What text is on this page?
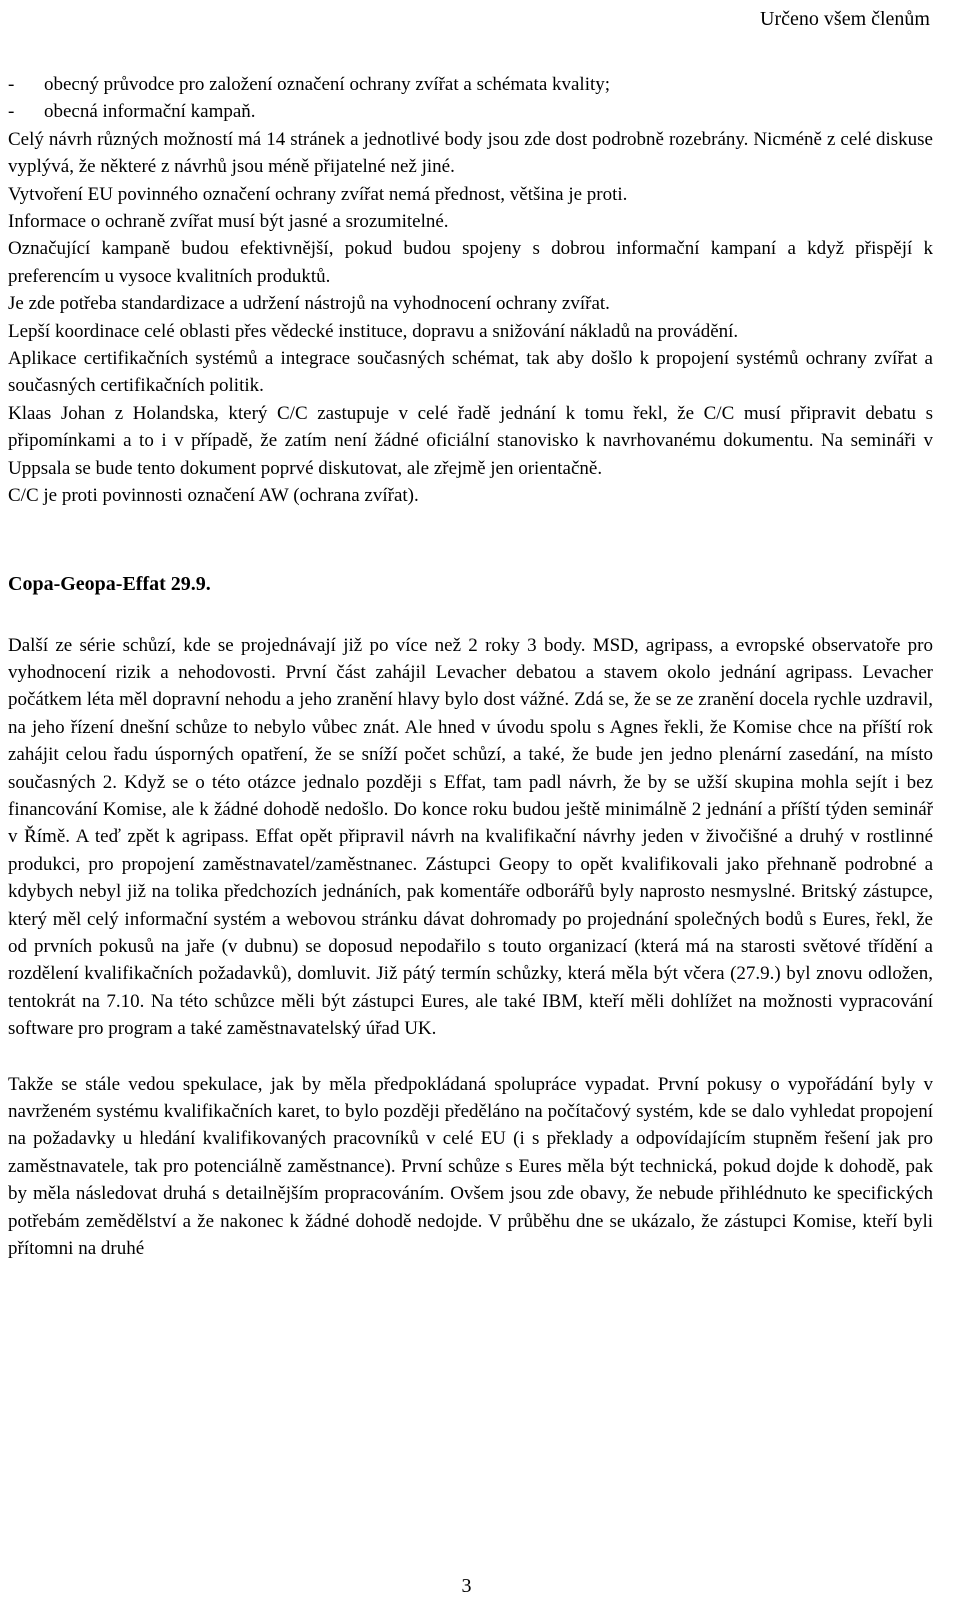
Určeno všem členům
-	obecný průvodce pro založení označení ochrany zvířat a schémata kvality;
-	obecná informační kampaň.

Celý návrh různých možností má 14 stránek a jednotlivé body jsou zde dost podrobně rozebrány. Nicméně z celé diskuse vyplývá, že některé z návrhů jsou méně přijatelné než jiné.

Vytvoření EU povinného označení ochrany zvířat nemá přednost, většina je proti.

Informace o ochraně zvířat musí být jasné a srozumitelné.

Označující kampaně budou efektivnější, pokud budou spojeny s dobrou informační kampaní a když přispějí k preferencím u vysoce kvalitních produktů.

Je zde potřeba standardizace a udržení nástrojů na vyhodnocení ochrany zvířat.

Lepší koordinace celé oblasti přes vědecké instituce, dopravu a snižování nákladů na provádění.

Aplikace certifikačních systémů a integrace současných schémat, tak aby došlo k propojení systémů ochrany zvířat a současných certifikačních politik.

Klaas Johan z Holandska, který C/C zastupuje v celé řadě jednání k tomu řekl, že C/C musí připravit debatu s připomínkami a to i v případě, že zatím není žádné oficiální stanovisko k navrhovanému dokumentu. Na semináři v Uppsala se bude tento dokument poprvé diskutovat, ale zřejmě jen orientačně.

C/C je proti povinnosti označení AW (ochrana zvířat).

Copa-Geopa-Effat 29.9.

Další ze série schůzí, kde se projednávají již po více než 2 roky 3 body. MSD, agripass, a evropské observatoře pro vyhodnocení rizik a nehodovosti. První část zahájil Levacher debatou a stavem okolo jednání agripass. Levacher počátkem léta měl dopravní nehodu a jeho zranění hlavy bylo dost vážné. Zdá se, že se ze zranění docela rychle uzdravil, na jeho řízení dnešní schůze to nebylo vůbec znát. Ale hned v úvodu spolu s Agnes řekli, že Komise chce na příští rok zahájit celou řadu úsporných opatření, že se sníží počet schůzí, a také, že bude jen jedno plenární zasedání, na místo současných 2. Když se o této otázce jednalo později s Effat, tam padl návrh, že by se užší skupina mohla sejít i bez financování Komise, ale k žádné dohodě nedošlo. Do konce roku budou ještě minimálně 2 jednání a příští týden seminář v Římě. A teď zpět k agripass. Effat opět připravil návrh na kvalifikační návrhy jeden v živočišné a druhý v rostlinné produkci, pro propojení zaměstnavatel/zaměstnanec. Zástupci Geopy to opět kvalifikovali jako přehnaně podrobné a kdybych nebyl již na tolika předchozích jednáních, pak komentáře odborářů byly naprosto nesmyslné. Britský zástupce, který měl celý informační systém a webovou stránku dávat dohromady po projednání společných bodů s Eures, řekl, že od prvních pokusů na jaře (v dubnu) se doposud nepodařilo s touto organizací (která má na starosti světové třídění a rozdělení kvalifikačních požadavků), domluvit. Již pátý termín schůzky, která měla být včera (27.9.) byl znovu odložen, tentokrát na 7.10. Na této schůzce měli být zástupci Eures, ale také IBM, kteří měli dohlížet na možnosti vypracování software pro program a také zaměstnavatelský úřad UK.

Takže se stále vedou spekulace, jak by měla předpokládaná spolupráce vypadat. První pokusy o vypořádání byly v navrženém systému kvalifikačních karet, to bylo později předěláno na počítačový systém, kde se dalo vyhledat propojení na požadavky u hledání kvalifikovaných pracovníků v celé EU (i s překlady a odpovídajícím stupněm řešení jak pro zaměstnavatele, tak pro potenciálně zaměstnance). První schůze s Eures měla být technická, pokud dojde k dohodě, pak by měla následovat druhá s detailnějším propracováním. Ovšem jsou zde obavy, že nebude přihlédnuto ke specifických potřebám zemědělství a že nakonec k žádné dohodě nedojde. V průběhu dne se ukázalo, že zástupci Komise, kteří byli přítomni na druhé

3
